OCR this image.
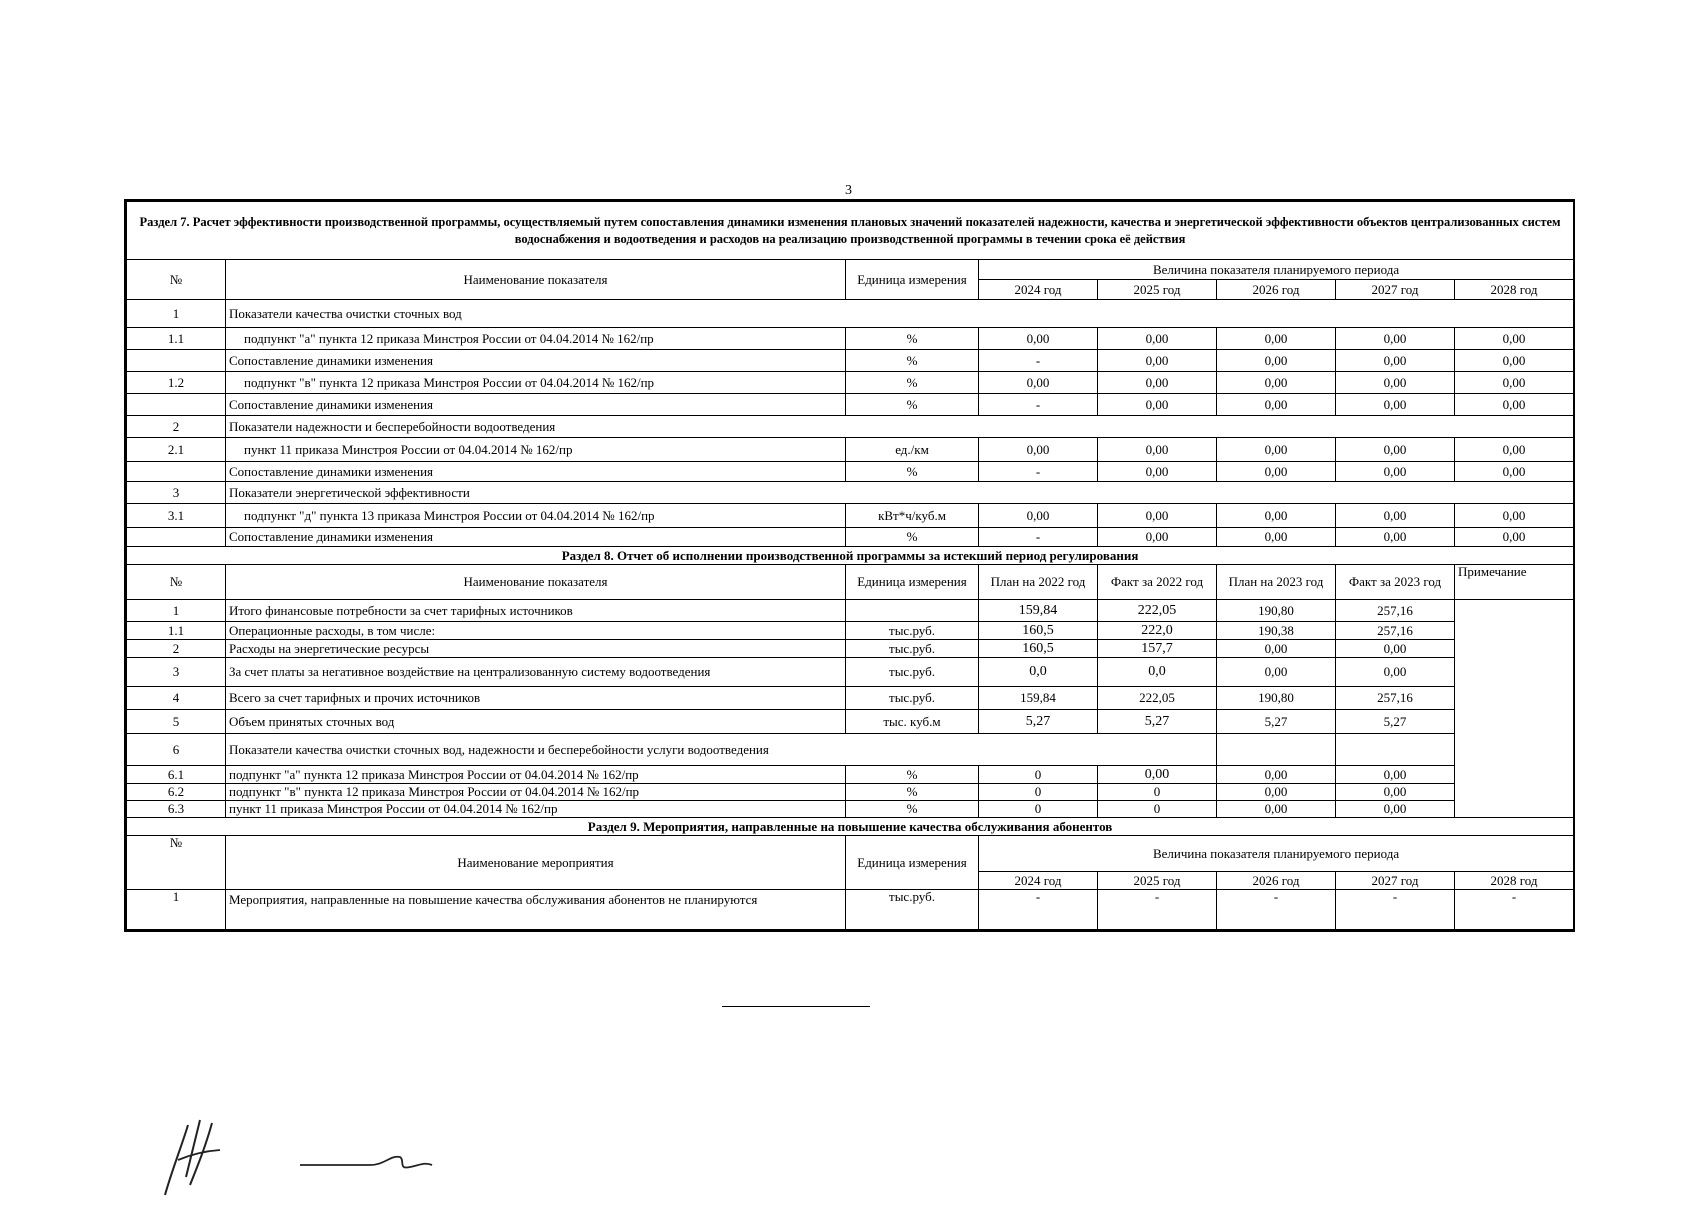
3
Раздел 7. Расчет эффективности производственной программы, осуществляемый путем сопоставления динамики изменения плановых значений показателей надежности, качества и энергетической эффективности объектов централизованных систем водоснабжения и водоотведения и расходов на реализацию производственной программы в течении срока её действия							
№	Наименование показателя	Единица измерения	Величина показателя планируемого периода				
			2024 год	2025 год	2026 год	2027 год	2028 год
1	Показатели качества очистки сточных вод						
1.1	подпункт "а" пункта 12 приказа Минстроя России от 04.04.2014 № 162/пр	%	0,00	0,00	0,00	0,00	0,00
	Сопоставление динамики изменения	%	-	0,00	0,00	0,00	0,00
1.2	подпункт "в" пункта 12 приказа Минстроя России от 04.04.2014 № 162/пр	%	0,00	0,00	0,00	0,00	0,00
	Сопоставление динамики изменения	%	-	0,00	0,00	0,00	0,00
2	Показатели надежности и бесперебойности водоотведения						
2.1	пункт 11 приказа Минстроя России от 04.04.2014 № 162/пр	ед./км	0,00	0,00	0,00	0,00	0,00
	Сопоставление динамики изменения	%	-	0,00	0,00	0,00	0,00
3	Показатели энергетической эффективности						
3.1	подпункт "д" пункта 13 приказа Минстроя России от 04.04.2014 № 162/пр	кВт*ч/куб.м	0,00	0,00	0,00	0,00	0,00
	Сопоставление динамики изменения	%	-	0,00	0,00	0,00	0,00
Раздел 8. Отчет об исполнении производственной программы за истекший период регулирования							
№	Наименование показателя	Единица измерения	План на 2022 год	Факт за 2022 год	План на 2023 год	Факт за 2023 год	Примечание
1	Итого финансовые потребности за счет тарифных источников		159,84	222,05	190,80	257,16	
1.1	Операционные расходы, в том числе:	тыс.руб.	160,5	222,0	190,38	257,16	
2	Расходы на энергетические ресурсы	тыс.руб.	160,5	157,7	0,00	0,00	
3	За счет платы за негативное воздействие на централизованную систему водоотведения	тыс.руб.	0,0	0,0	0,00	0,00	
4	Всего за счет тарифных и прочих источников	тыс.руб.	159,84	222,05	190,80	257,16	
5	Объем принятых сточных вод	тыс. куб.м	5,27	5,27	5,27	5,27	
6	Показатели качества очистки сточных вод, надежности и бесперебойности услуги водоотведения						
6.1	подпункт "а" пункта 12 приказа Минстроя России от 04.04.2014 № 162/пр	%	0	0,00	0,00	0,00	
6.2	подпункт "в" пункта 12 приказа Минстроя России от 04.04.2014 № 162/пр	%	0	0	0,00	0,00	
6.3	пункт 11 приказа Минстроя России от 04.04.2014 № 162/пр	%	0	0	0,00	0,00	
Раздел 9. Мероприятия, направленные на повышение качества обслуживания абонентов							
№	Наименование мероприятия	Единица измерения	Величина показателя планируемого периода				
			2024 год	2025 год	2026 год	2027 год	2028 год
1	Мероприятия, направленные на повышение качества обслуживания абонентов не планируются	тыс.руб.	-	-	-	-	-
